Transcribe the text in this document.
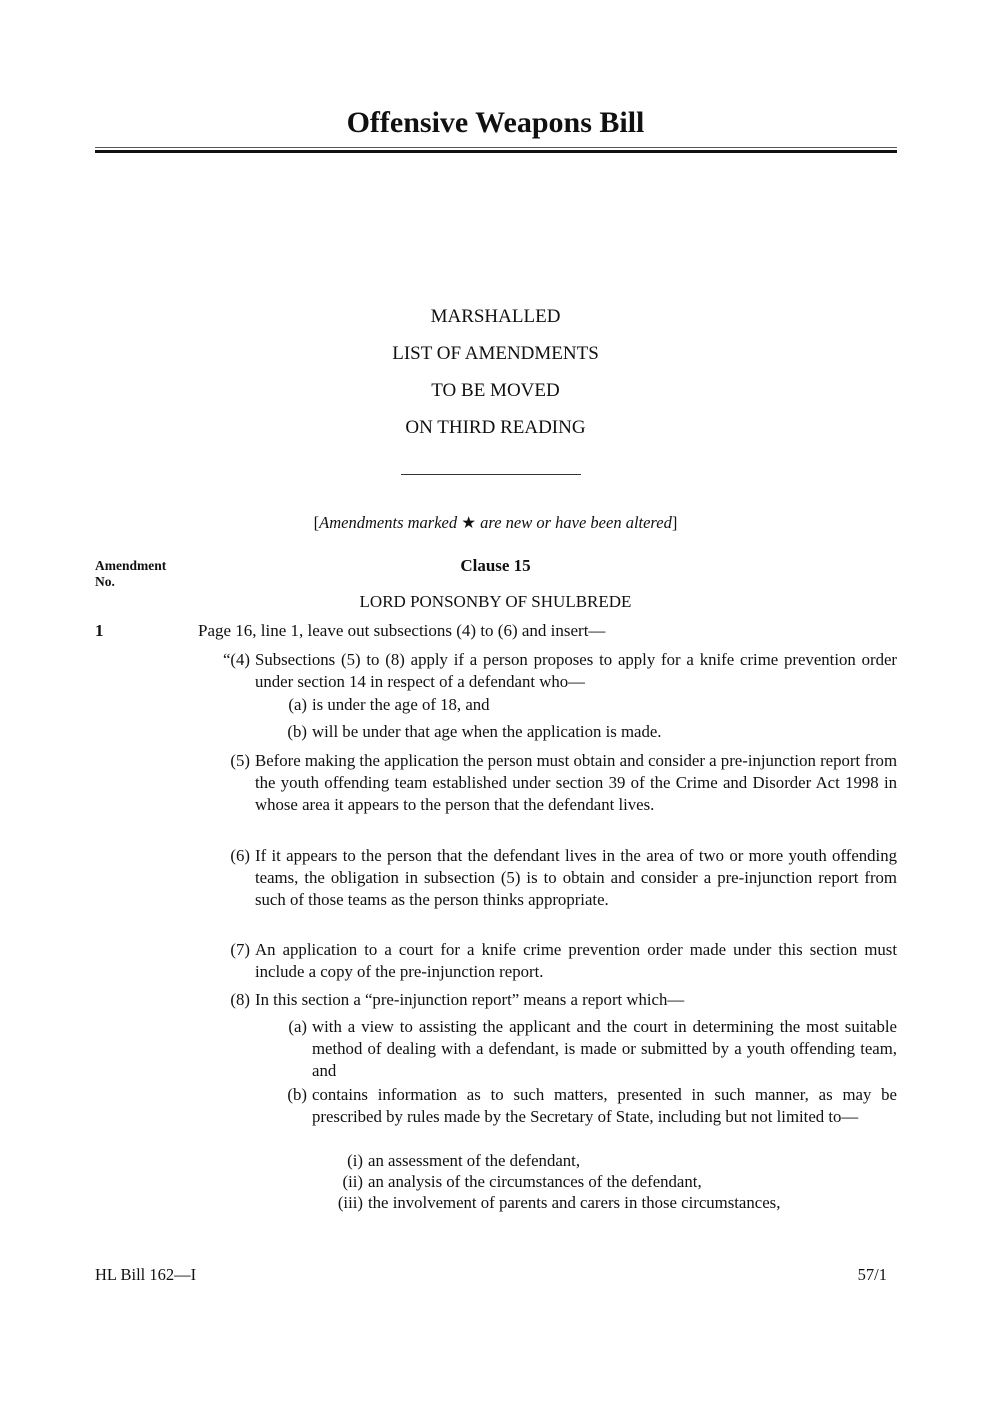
Offensive Weapons Bill
MARSHALLED
LIST OF AMENDMENTS
TO BE MOVED
ON THIRD READING
[Amendments marked ★ are new or have been altered]
Amendment
No.
Clause 15
LORD PONSONBY OF SHULBREDE
1	Page 16, line 1, leave out subsections (4) to (6) and insert—
“(4) Subsections (5) to (8) apply if a person proposes to apply for a knife crime prevention order under section 14 in respect of a defendant who—
(a) is under the age of 18, and
(b) will be under that age when the application is made.
(5) Before making the application the person must obtain and consider a pre-injunction report from the youth offending team established under section 39 of the Crime and Disorder Act 1998 in whose area it appears to the person that the defendant lives.
(6) If it appears to the person that the defendant lives in the area of two or more youth offending teams, the obligation in subsection (5) is to obtain and consider a pre-injunction report from such of those teams as the person thinks appropriate.
(7) An application to a court for a knife crime prevention order made under this section must include a copy of the pre-injunction report.
(8) In this section a “pre-injunction report” means a report which—
(a) with a view to assisting the applicant and the court in determining the most suitable method of dealing with a defendant, is made or submitted by a youth offending team, and
(b) contains information as to such matters, presented in such manner, as may be prescribed by rules made by the Secretary of State, including but not limited to—
(i) an assessment of the defendant,
(ii) an analysis of the circumstances of the defendant,
(iii) the involvement of parents and carers in those circumstances,
HL Bill 162—I	57/1
